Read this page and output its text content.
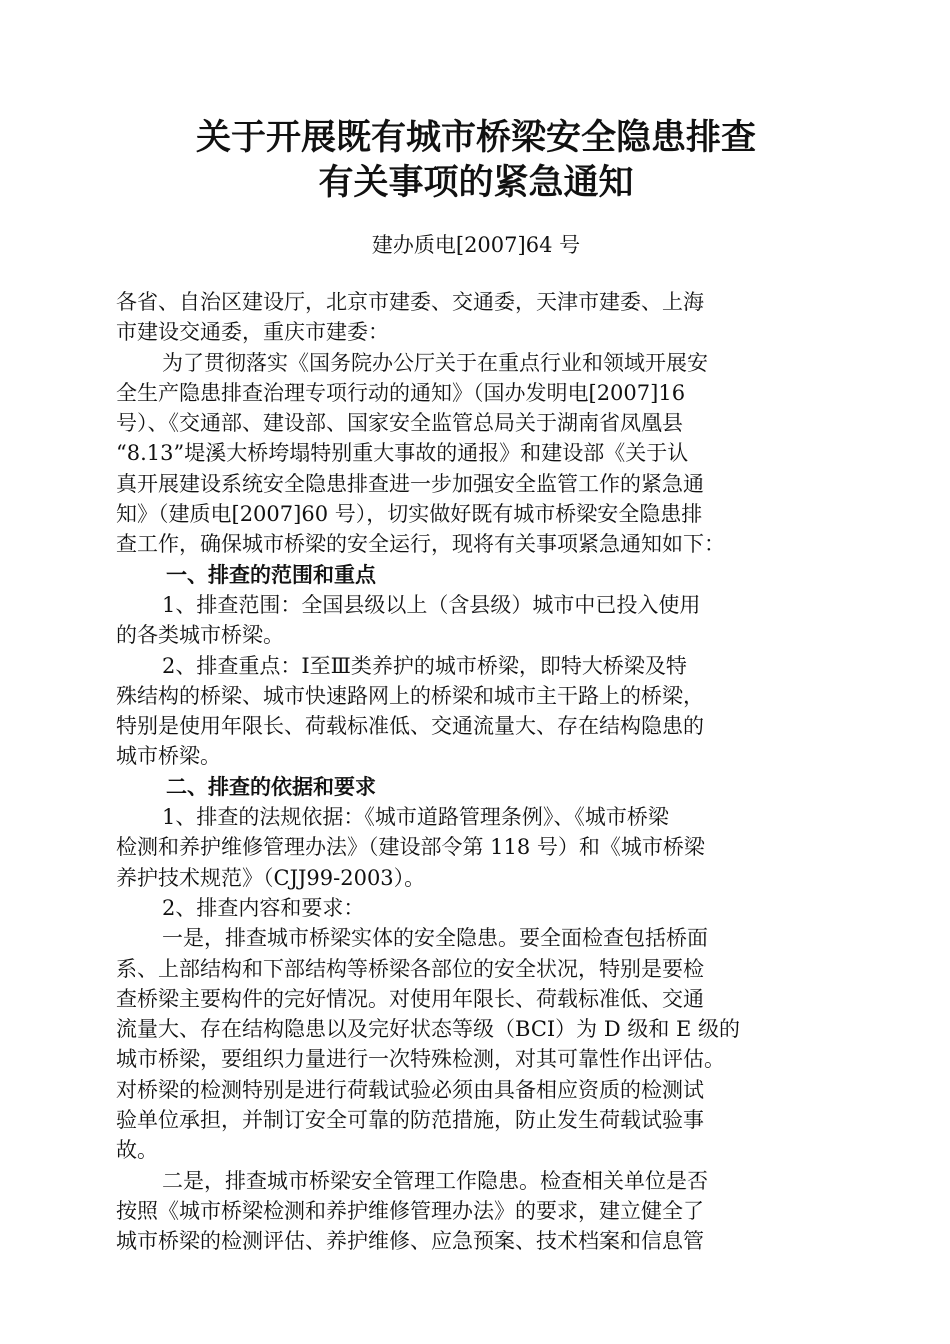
关于开展既有城市桥梁安全隐患排查
有关事项的紧急通知
建办质电[2007]64 号
各省、自治区建设厅，北京市建委、交通委，天津市建委、上海
市建设交通委，重庆市建委：
为了贯彻落实《国务院办公厅关于在重点行业和领域开展安
全生产隐患排查治理专项行动的通知》（国办发明电[2007]16
号）、《交通部、建设部、国家安全监管总局关于湖南省凤凰县
“8.13”堤溪大桥垮塌特别重大事故的通报》和建设部《关于认
真开展建设系统安全隐患排查进一步加强安全监管工作的紧急通
知》（建质电[2007]60 号），切实做好既有城市桥梁安全隐患排
查工作，确保城市桥梁的安全运行，现将有关事项紧急通知如下：
一、排查的范围和重点
1、排查范围：全国县级以上（含县级）城市中已投入使用
的各类城市桥梁。
2、排查重点：Ⅰ至Ⅲ类养护的城市桥梁，即特大桥梁及特
殊结构的桥梁、城市快速路网上的桥梁和城市主干路上的桥梁，
特别是使用年限长、荷载标准低、交通流量大、存在结构隐患的
城市桥梁。
二、排查的依据和要求
1、排查的法规依据：《城市道路管理条例》、《城市桥梁
检测和养护维修管理办法》（建设部令第 118 号）和《城市桥梁
养护技术规范》（CJJ99-2003）。
2、排查内容和要求：
一是，排查城市桥梁实体的安全隐患。要全面检查包括桥面
系、上部结构和下部结构等桥梁各部位的安全状况，特别是要检
查桥梁主要构件的完好情况。对使用年限长、荷载标准低、交通
流量大、存在结构隐患以及完好状态等级（BCI）为 D 级和 E 级的
城市桥梁，要组织力量进行一次特殊检测，对其可靠性作出评估。
对桥梁的检测特别是进行荷载试验必须由具备相应资质的检测试
验单位承担，并制订安全可靠的防范措施，防止发生荷载试验事
故。
二是，排查城市桥梁安全管理工作隐患。检查相关单位是否
按照《城市桥梁检测和养护维修管理办法》的要求，建立健全了
城市桥梁的检测评估、养护维修、应急预案、技术档案和信息管
